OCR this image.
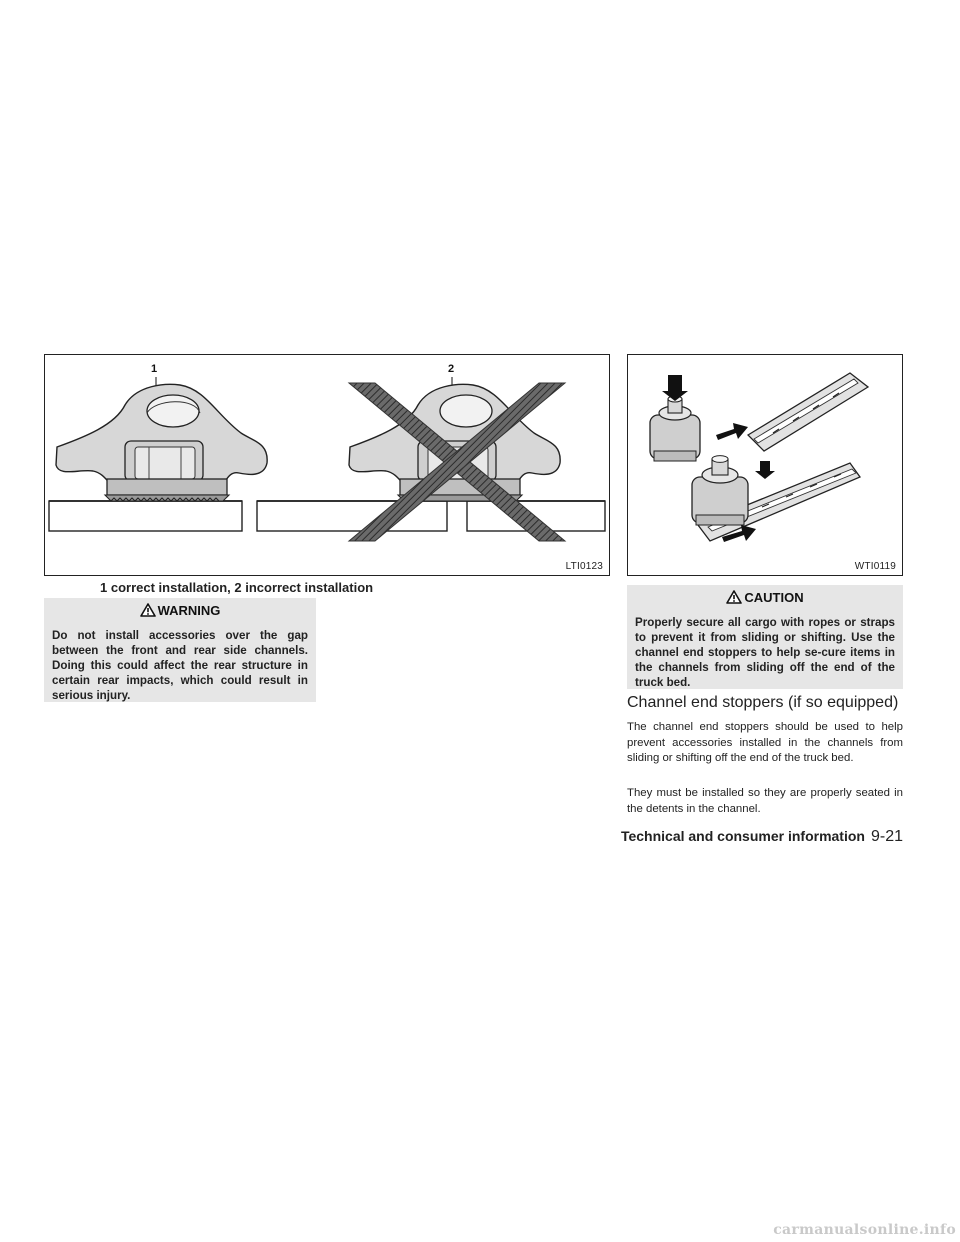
1	2
LTI0123
1 correct installation, 2 incorrect installation
WTI0119
WARNING
Do not install accessories over the gap between the front and rear side channels. Doing this could affect the rear structure in certain rear impacts, which could result in serious injury.
CAUTION
Properly secure all cargo with ropes or straps to prevent it from sliding or shifting. Use the channel end stoppers to help se-cure items in the channels from sliding off the end of the truck bed.
Channel end stoppers (if so equipped)

The channel end stoppers should be used to help prevent accessories installed in the channels from sliding or shifting off the end of the truck bed.

They must be installed so they are properly seated in the detents in the channel.

Technical and consumer information 9-21
carmanualsonline.info
